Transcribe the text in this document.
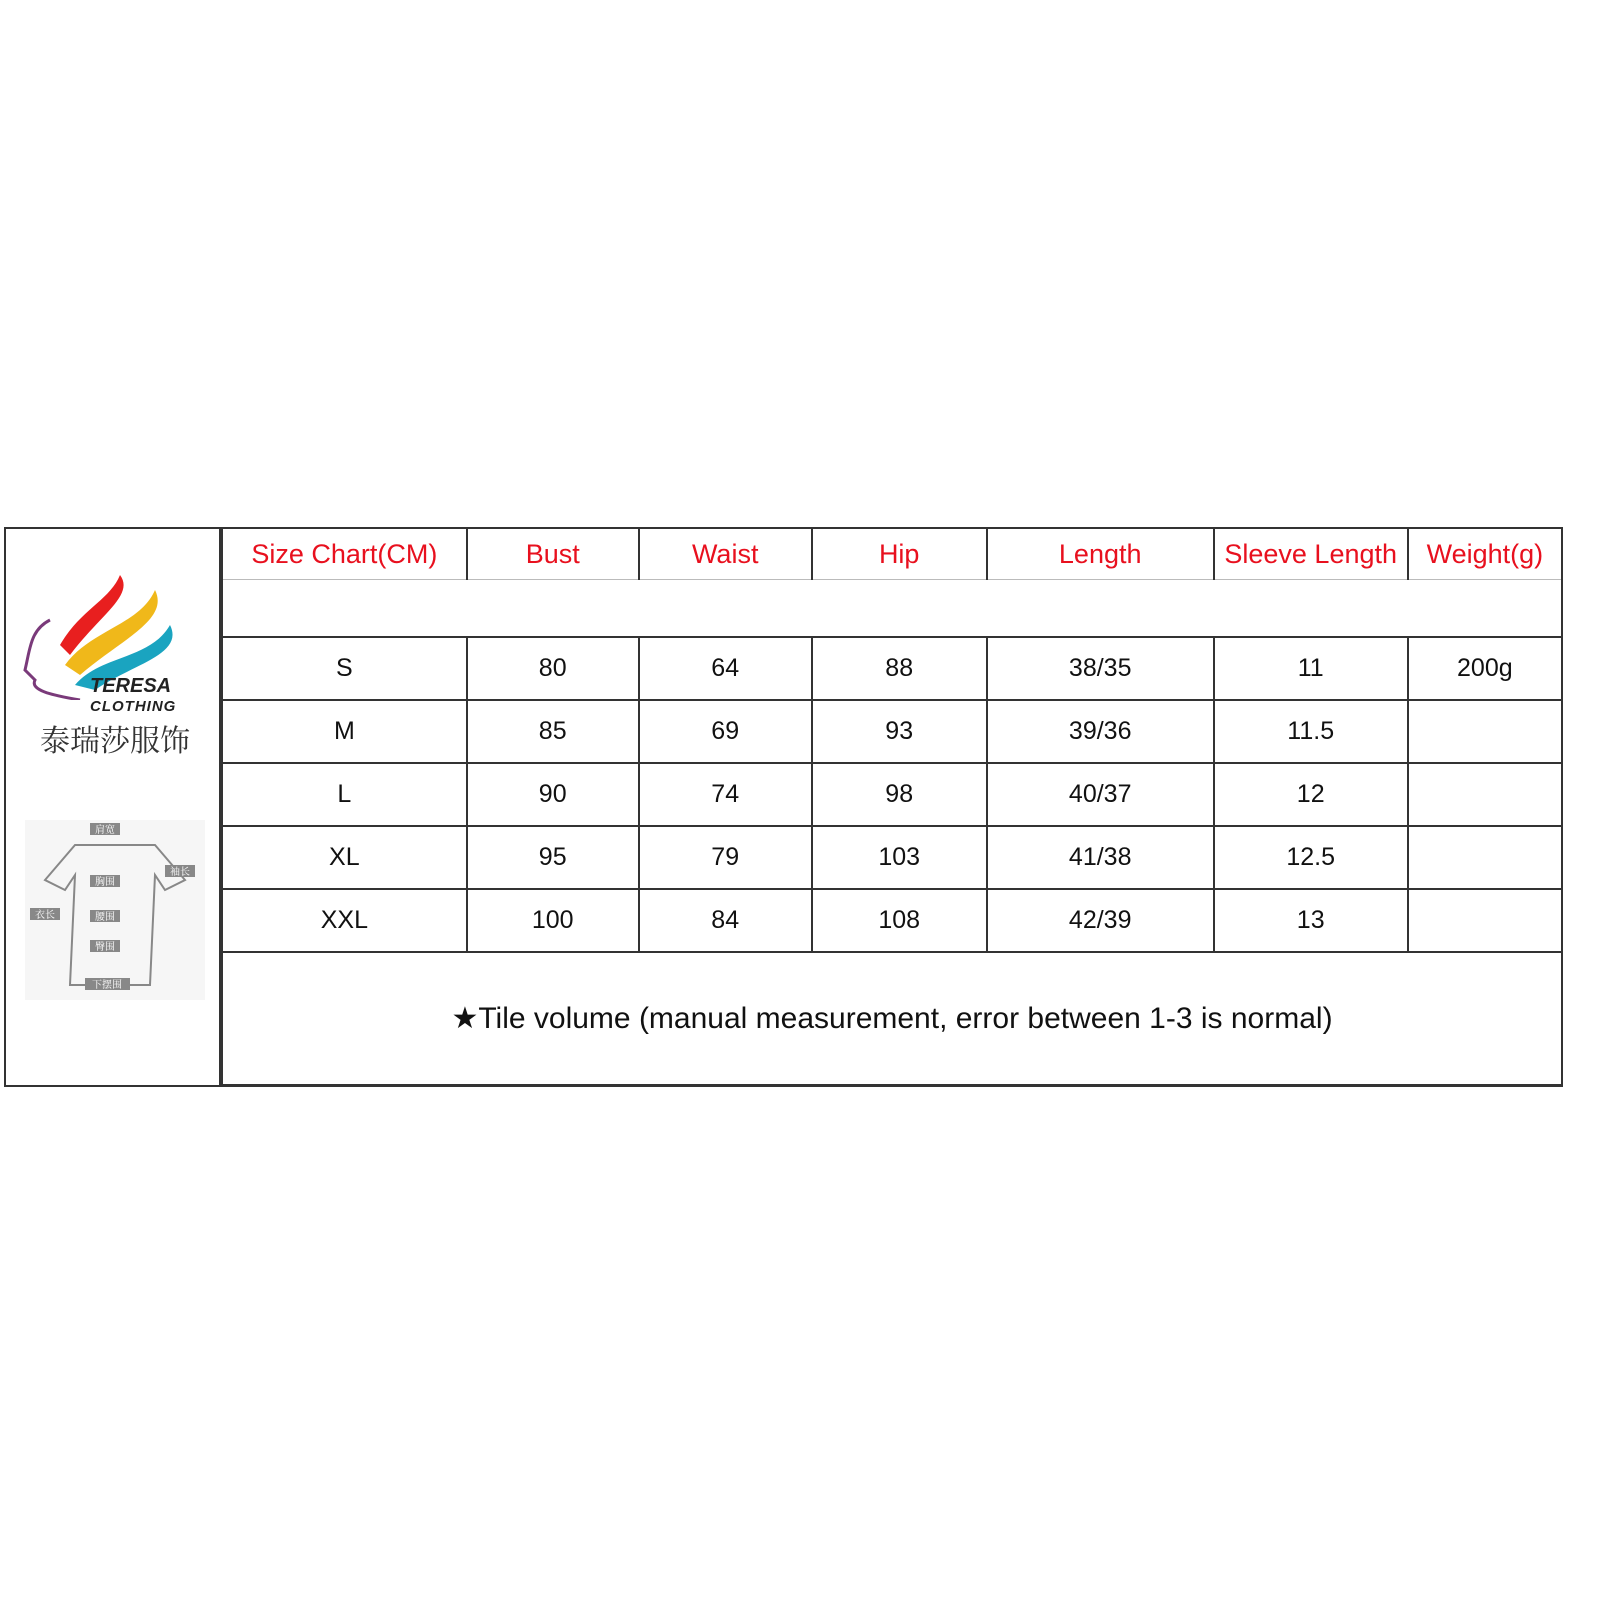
TERESA
CLOTHING
泰瑞莎服饰
肩宽
袖长
胸围
衣长	腰围
臀围
下摆围
Size Chart(CM)	Bust	Waist	Hip	Length	Sleeve Length	Weight(g)

S	80	64	88	38/35	11	200g
M	85	69	93	39/36	11.5	
L	90	74	98	40/37	12	
XL	95	79	103	41/38	12.5	
XXL	100	84	108	42/39	13	
★Tile volume (manual measurement, error between 1-3 is normal)						
